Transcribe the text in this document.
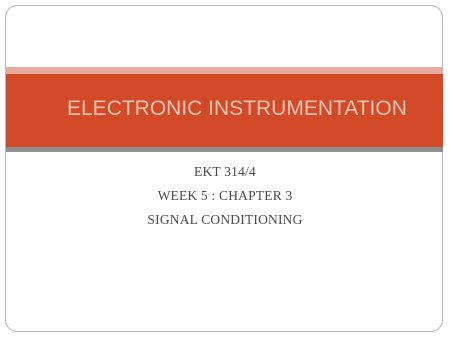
ELECTRONIC INSTRUMENTATION
EKT 314/4
WEEK 5 : CHAPTER 3
SIGNAL CONDITIONING
